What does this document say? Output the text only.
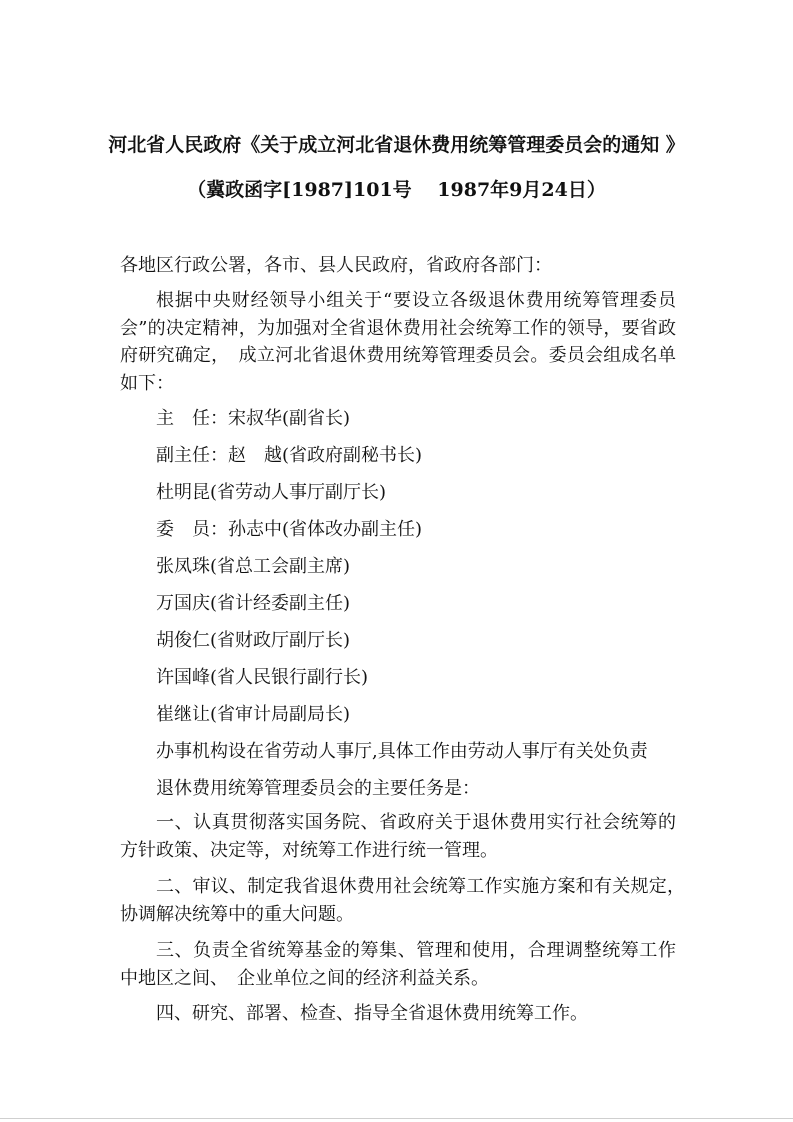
河北省人民政府《关于成立河北省退休费用统筹管理委员会的通知 》
（冀政函字[1987]101号　 1987年9月24日）
各地区行政公署，各市、县人民政府，省政府各部门：
根据中央财经领导小组关于“要设立各级退休费用统筹管理委员会”的决定精神，为加强对全省退休费用社会统筹工作的领导，要省政府研究确定，　成立河北省退休费用统筹管理委员会。委员会组成名单如下：
主　任：宋叔华(副省长)
副主任：赵　越(省政府副秘书长)
杜明昆(省劳动人事厅副厅长)
委　员：孙志中(省体改办副主任)
张凤珠(省总工会副主席)
万国庆(省计经委副主任)
胡俊仁(省财政厅副厅长)
许国峰(省人民银行副行长)
崔继让(省审计局副局长)
办事机构设在省劳动人事厅,具体工作由劳动人事厅有关处负责
退休费用统筹管理委员会的主要任务是：
一、认真贯彻落实国务院、省政府关于退休费用实行社会统筹的方针政策、决定等，对统筹工作进行统一管理。
二、审议、制定我省退休费用社会统筹工作实施方案和有关规定，　协调解决统筹中的重大问题。
三、负责全省统筹基金的筹集、管理和使用，合理调整统筹工作中地区之间、　企业单位之间的经济利益关系。
四、研究、部署、检查、指导全省退休费用统筹工作。
